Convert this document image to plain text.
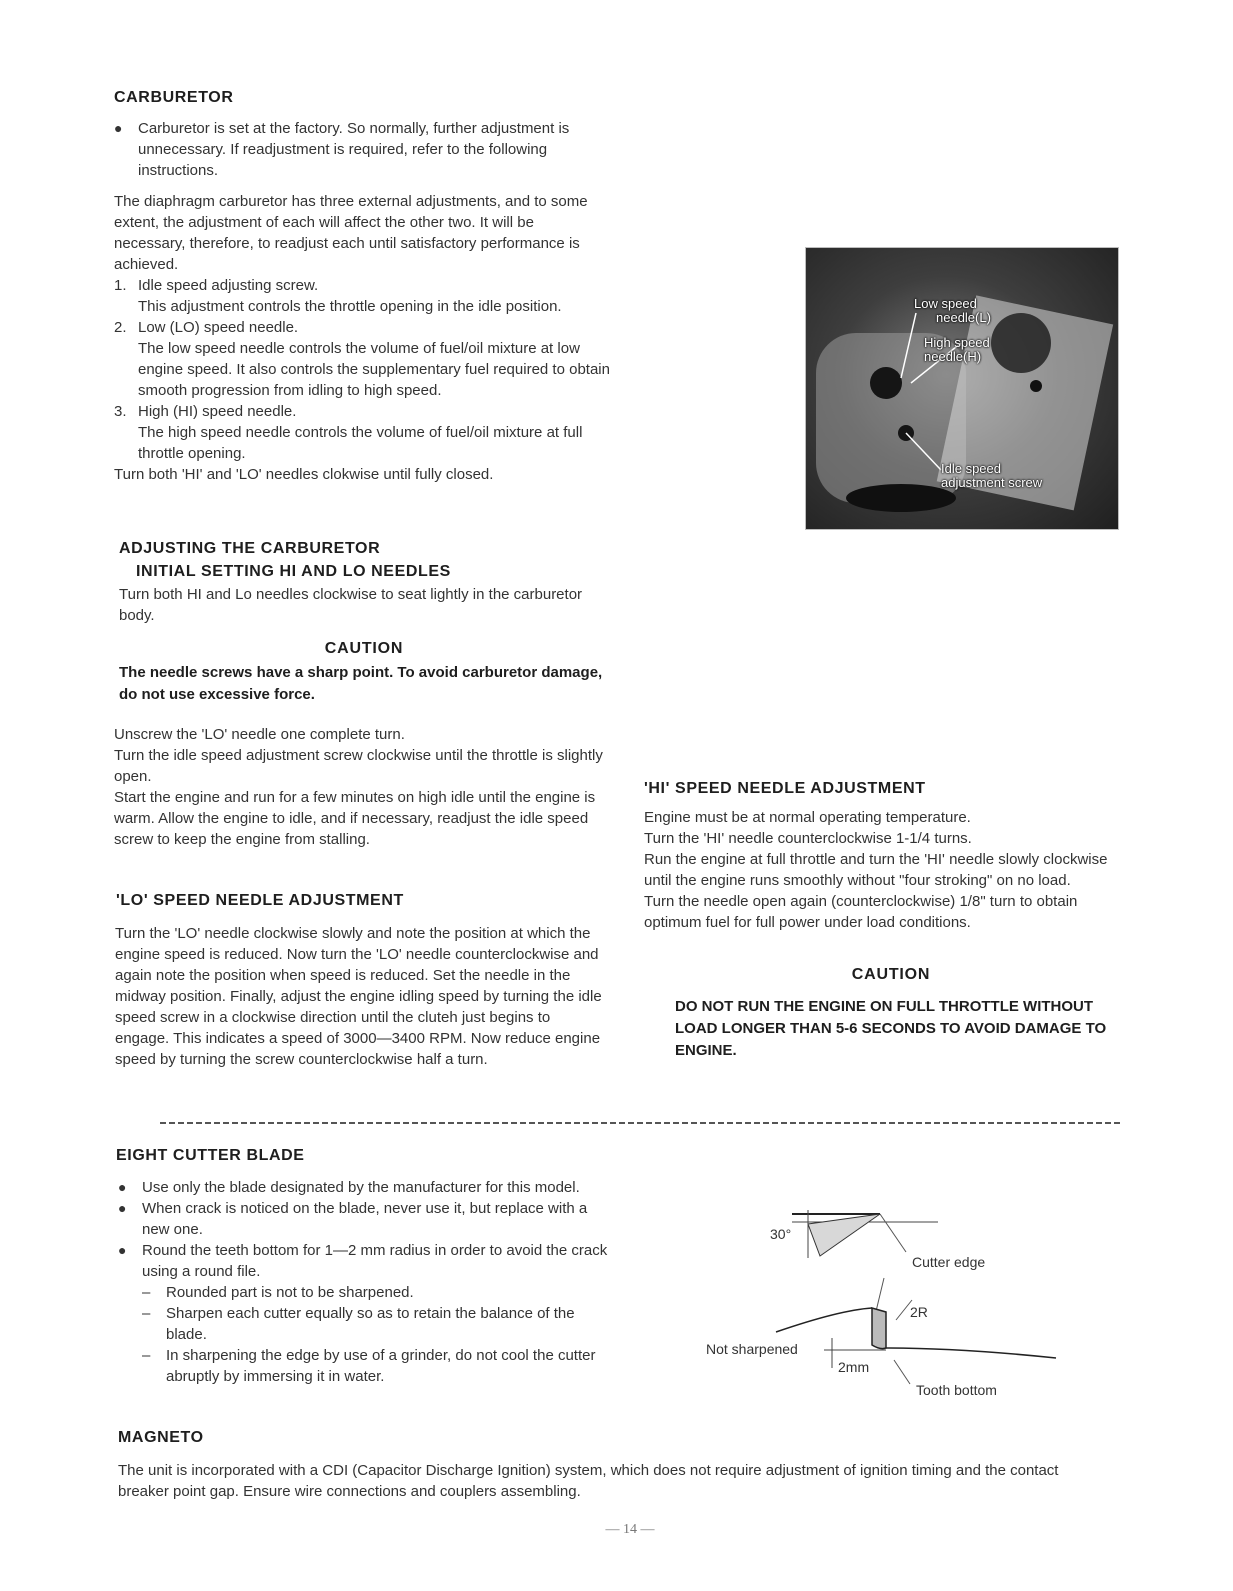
CARBURETOR
● Carburetor is set at the factory. So normally, further adjustment is unnecessary. If readjustment is required, refer to the following instructions.
The diaphragm carburetor has three external adjustments, and to some extent, the adjustment of each will affect the other two. It will be necessary, therefore, to readjust each until satisfactory performance is achieved.
1. Idle speed adjusting screw.
This adjustment controls the throttle opening in the idle position.
2. Low (LO) speed needle.
The low speed needle controls the volume of fuel/oil mixture at low engine speed. It also controls the supplementary fuel required to obtain smooth progression from idling to high speed.
3. High (HI) speed needle.
The high speed needle controls the volume of fuel/oil mixture at full throttle opening.
Turn both 'HI' and 'LO' needles clokwise until fully closed.
Low speed
needle(L)
High speed
needle(H)
Idle speed
adjustment screw
ADJUSTING THE CARBURETOR
INITIAL SETTING HI AND LO NEEDLES
Turn both HI and Lo needles clockwise to seat lightly in the carburetor body.
CAUTION
The needle screws have a sharp point. To avoid carburetor damage, do not use excessive force.
Unscrew the 'LO' needle one complete turn.
Turn the idle speed adjustment screw clockwise until the throttle is slightly open.
Start the engine and run for a few minutes on high idle until the engine is warm. Allow the engine to idle, and if necessary, readjust the idle speed screw to keep the engine from stalling.
'LO' SPEED NEEDLE ADJUSTMENT
Turn the 'LO' needle clockwise slowly and note the position at which the engine speed is reduced. Now turn the 'LO' needle counterclockwise and again note the position when speed is reduced. Set the needle in the midway position. Finally, adjust the engine idling speed by turning the idle speed screw in a clockwise direction until the cluteh just begins to engage. This indicates a speed of 3000—3400 RPM. Now reduce engine speed by turning the screw counterclockwise half a turn.
'HI' SPEED NEEDLE ADJUSTMENT
Engine must be at normal operating temperature.
Turn the 'HI' needle counterclockwise 1-1/4 turns.
Run the engine at full throttle and turn the 'HI' needle slowly clockwise until the engine runs smoothly without "four stroking" on no load.
Turn the needle open again (counterclockwise) 1/8" turn to obtain optimum fuel for full power under load conditions.
CAUTION
DO NOT RUN THE ENGINE ON FULL THROTTLE WITHOUT LOAD LONGER THAN 5-6 SECONDS TO AVOID DAMAGE TO ENGINE.
EIGHT CUTTER BLADE
● Use only the blade designated by the manufacturer for this model.
● When crack is noticed on the blade, never use it, but replace with a new one.
● Round the teeth bottom for 1—2 mm radius in order to avoid the crack using a round file.
– Rounded part is not to be sharpened.
– Sharpen each cutter equally so as to retain the balance of the blade.
– In sharpening the edge by use of a grinder, do not cool the cutter abruptly by immersing it in water.
30°
Cutter edge
2R
Not sharpened
2mm
Tooth bottom
MAGNETO
The unit is incorporated with a CDI (Capacitor Discharge Ignition) system, which does not require adjustment of ignition timing and the contact breaker point gap. Ensure wire connections and couplers assembling.
— 14 —
